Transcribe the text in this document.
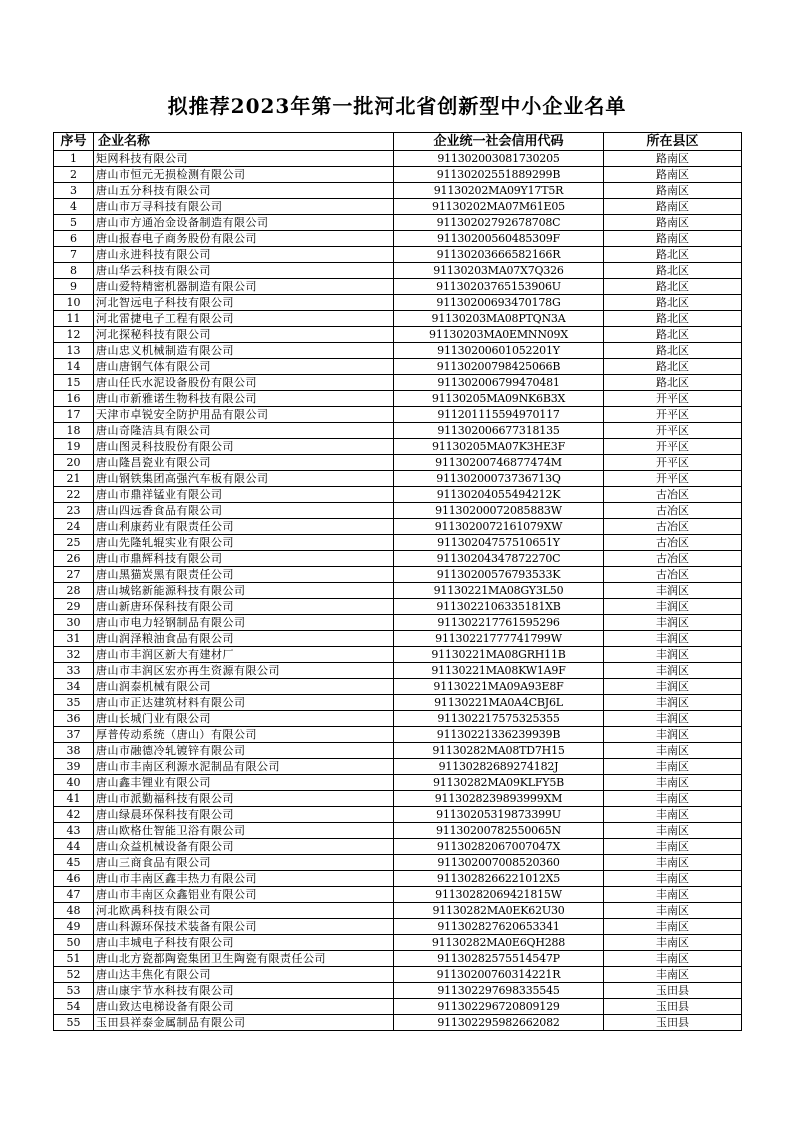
拟推荐2023年第一批河北省创新型中小企业名单
序号	企业名称	企业统一社会信用代码	所在县区
1	矩网科技有限公司	911302003081730205	路南区
2	唐山市恒元无损检测有限公司	91130202551889299B	路南区
3	唐山五分科技有限公司	91130202MA09Y17T5R	路南区
4	唐山市万寻科技有限公司	91130202MA07M61E05	路南区
5	唐山市方通冶金设备制造有限公司	91130202792678708C	路南区
6	唐山报春电子商务股份有限公司	91130200560485309F	路南区
7	唐山永进科技有限公司	91130203666582166R	路北区
8	唐山华云科技有限公司	91130203MA07X7Q326	路北区
9	唐山爱特精密机器制造有限公司	91130203765153906U	路北区
10	河北智远电子科技有限公司	91130200693470178G	路北区
11	河北雷捷电子工程有限公司	91130203MA08PTQN3A	路北区
12	河北探秘科技有限公司	91130203MA0EMNN09X	路北区
13	唐山忠义机械制造有限公司	91130200601052201Y	路北区
14	唐山唐钢气体有限公司	91130200798425066B	路北区
15	唐山任氏水泥设备股份有限公司	911302006799470481	路北区
16	唐山市新雅诺生物科技有限公司	91130205MA09NK6B3X	开平区
17	天津市卓锐安全防护用品有限公司	911201115594970117	开平区
18	唐山奇隆洁具有限公司	911302006677318135	开平区
19	唐山图灵科技股份有限公司	91130205MA07K3HE3F	开平区
20	唐山隆昌瓷业有限公司	91130200746877474M	开平区
21	唐山钢铁集团高强汽车板有限公司	91130200073736713Q	开平区
22	唐山市鼎祥锰业有限公司	91130204055494212K	古冶区
23	唐山四远香食品有限公司	91130200072085883W	古冶区
24	唐山利康药业有限责任公司	9113020072161079XW	古冶区
25	唐山先隆轧辊实业有限公司	91130204757510651Y	古冶区
26	唐山市鼎辉科技有限公司	91130204347872270C	古冶区
27	唐山黑猫炭黑有限责任公司	91130200576793533K	古冶区
28	唐山城铭新能源科技有限公司	91130221MA08GY3L50	丰润区
29	唐山新唐环保科技有限公司	9113022106335181XB	丰润区
30	唐山市电力轻钢制品有限公司	911302217761595296	丰润区
31	唐山润泽粮油食品有限公司	91130221777741799W	丰润区
32	唐山市丰润区新大有建材厂	91130221MA08GRH11B	丰润区
33	唐山市丰润区宏亦再生资源有限公司	91130221MA08KW1A9F	丰润区
34	唐山润泰机械有限公司	91130221MA09A93E8F	丰润区
35	唐山市正达建筑材料有限公司	91130221MA0A4CBJ6L	丰润区
36	唐山长城门业有限公司	911302217575325355	丰润区
37	厚普传动系统（唐山）有限公司	91130221336239939B	丰润区
38	唐山市融德冷轧镀锌有限公司	91130282MA08TD7H15	丰南区
39	唐山市丰南区利源水泥制品有限公司	91130282689274182J	丰南区
40	唐山鑫丰锂业有限公司	91130282MA09KLFY5B	丰南区
41	唐山市派勤福科技有限公司	9113028239893999XM	丰南区
42	唐山绿晨环保科技有限公司	91130205319873399U	丰南区
43	唐山欧格仕智能卫浴有限公司	91130200782550065N	丰南区
44	唐山众益机械设备有限公司	91130282067007047X	丰南区
45	唐山三商食品有限公司	911302007008520360	丰南区
46	唐山市丰南区鑫丰热力有限公司	9113028266221012X5	丰南区
47	唐山市丰南区众鑫铝业有限公司	91130282069421815W	丰南区
48	河北欧禹科技有限公司	91130282MA0EK62U30	丰南区
49	唐山科源环保技术装备有限公司	911302827620653341	丰南区
50	唐山丰城电子科技有限公司	91130282MA0E6QH288	丰南区
51	唐山北方瓷都陶瓷集团卫生陶瓷有限责任公司	91130282575514547P	丰南区
52	唐山达丰焦化有限公司	91130200760314221R	丰南区
53	唐山康宇节水科技有限公司	911302297698335545	玉田县
54	唐山致达电梯设备有限公司	911302296720809129	玉田县
55	玉田县祥泰金属制品有限公司	911302295982662082	玉田县
